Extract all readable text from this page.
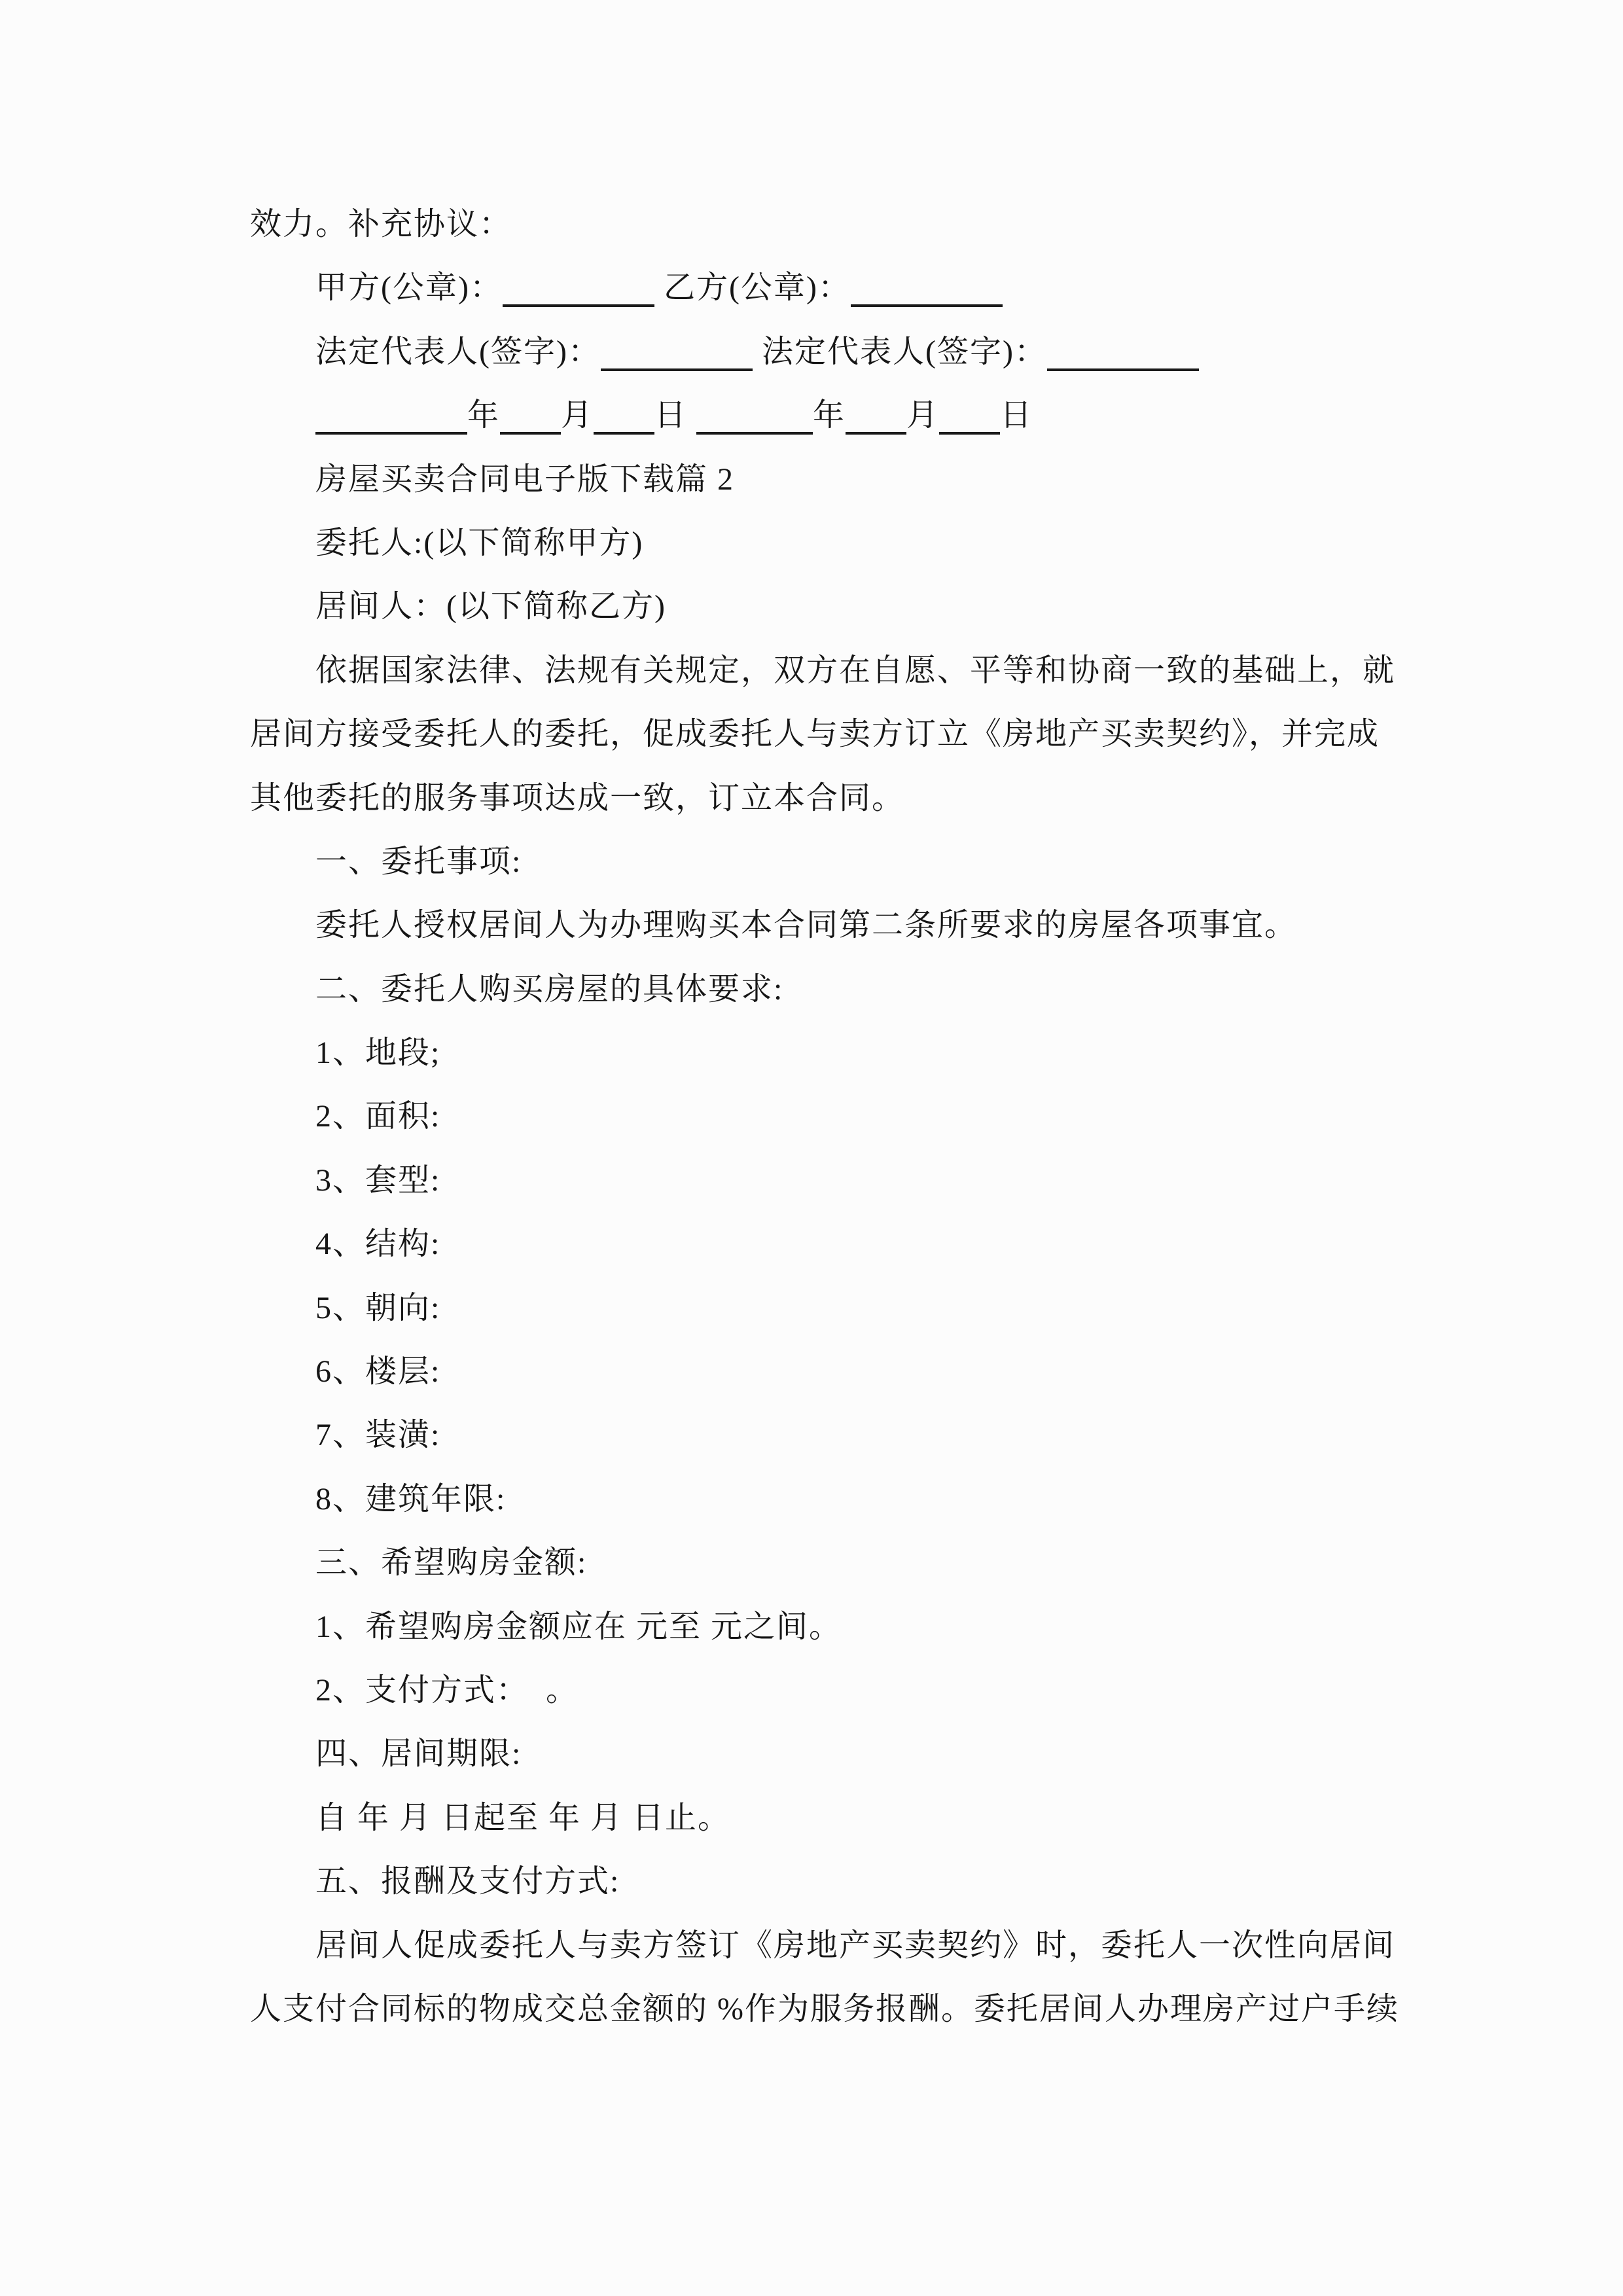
效力。补充协议：
甲方(公章)：	乙方(公章)：
法定代表人(签字)：	法定代表人(签字)：
年 月 日	年 月 日
房屋买卖合同电子版下载篇 2
委托人:(以下简称甲方)
居间人：(以下简称乙方)
依据国家法律、法规有关规定，双方在自愿、平等和协商一致的基础上，就
居间方接受委托人的委托，促成委托人与卖方订立《房地产买卖契约》，并完成
其他委托的服务事项达成一致，订立本合同。
一、委托事项:
委托人授权居间人为办理购买本合同第二条所要求的房屋各项事宜。
二、委托人购买房屋的具体要求:
1、地段;
2、面积:
3、套型:
4、结构:
5、朝向:
6、楼层:
7、装潢:
8、建筑年限:
三、希望购房金额:
1、希望购房金额应在 元至 元之间。
2、支付方式：　。
四、居间期限:
自 年 月 日起至 年 月 日止。
五、报酬及支付方式:
居间人促成委托人与卖方签订《房地产买卖契约》时，委托人一次性向居间
人支付合同标的物成交总金额的 %作为服务报酬。委托居间人办理房产过户手续
